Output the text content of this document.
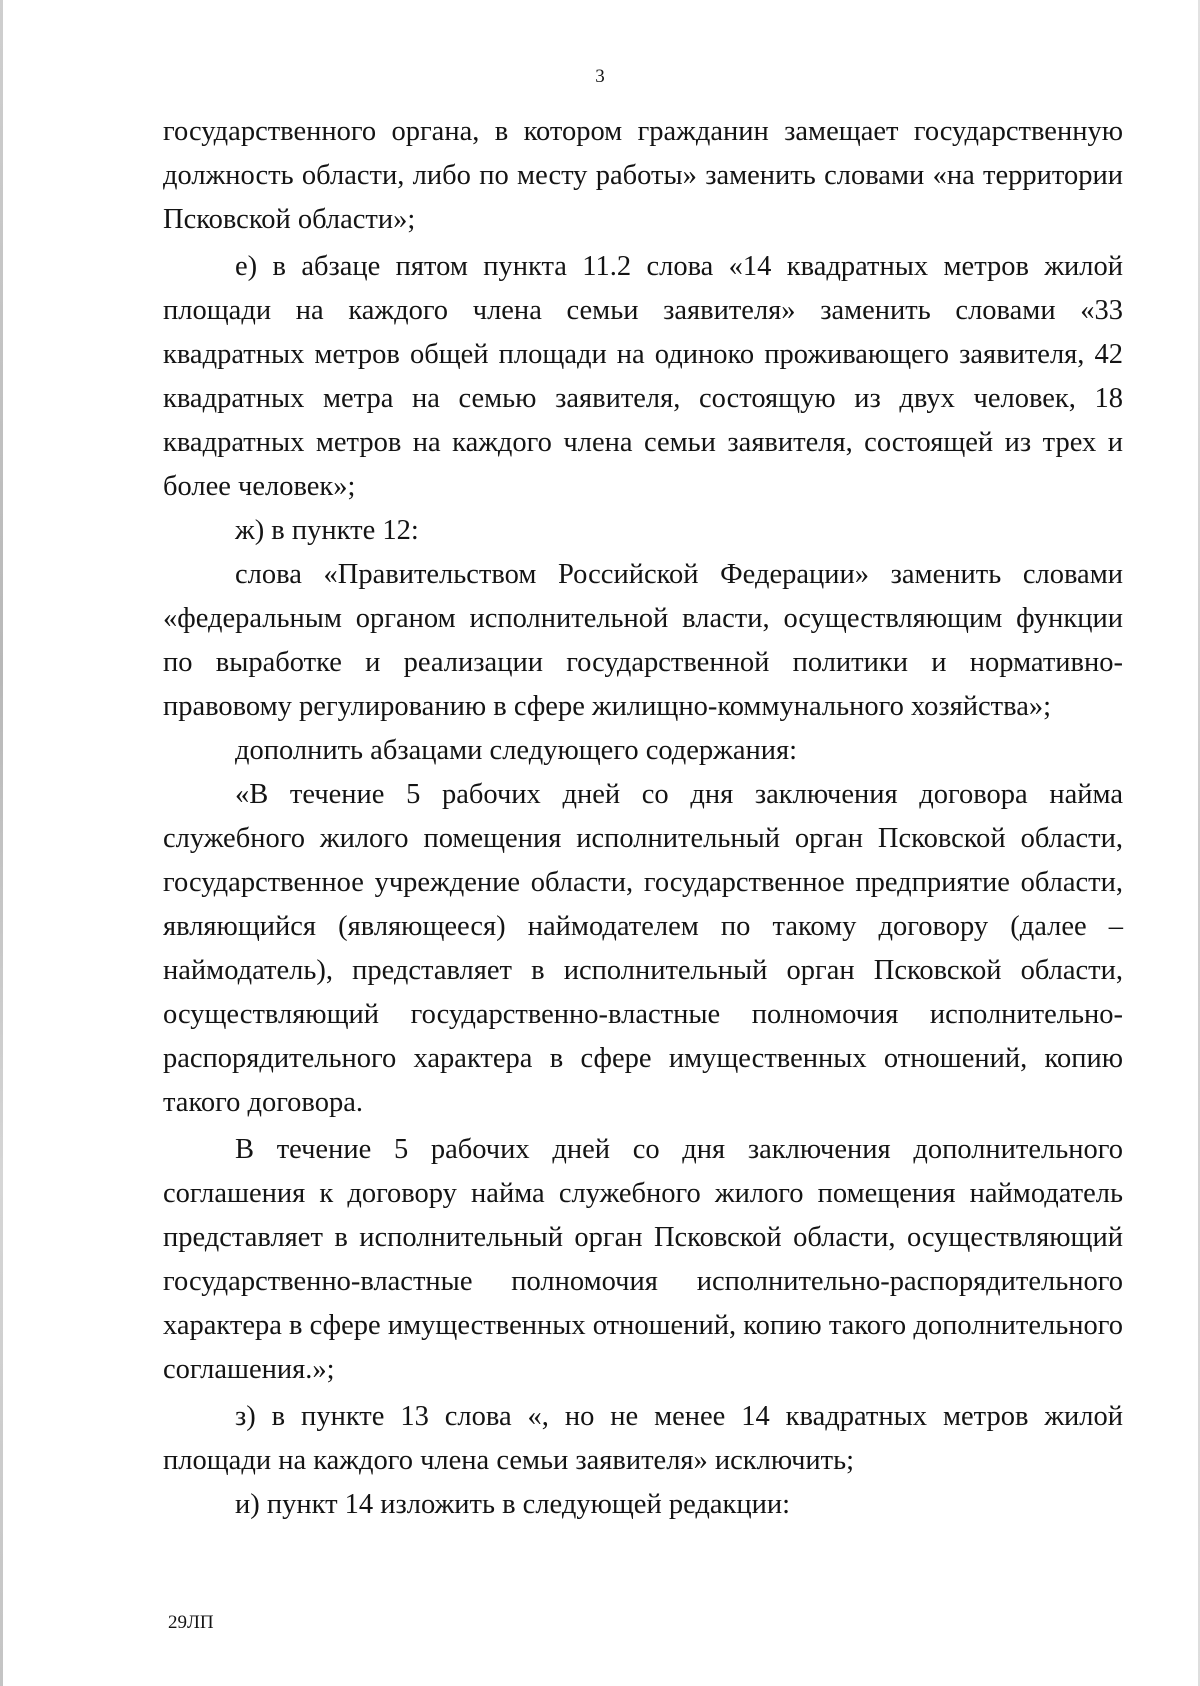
3

государственного органа, в котором гражданин замещает государственную должность области, либо по месту работы» заменить словами «на территории Псковской области»;

е) в абзаце пятом пункта 11.2 слова «14 квадратных метров жилой площади на каждого члена семьи заявителя» заменить словами «33 квадратных метров общей площади на одиноко проживающего заявителя, 42 квадратных метра на семью заявителя, состоящую из двух человек, 18 квадратных метров на каждого члена семьи заявителя, состоящей из трех и более человек»;

ж) в пункте 12:

слова «Правительством Российской Федерации» заменить словами «федеральным органом исполнительной власти, осуществляющим функции по выработке и реализации государственной политики и нормативно-правовому регулированию в сфере жилищно-коммунального хозяйства»;

дополнить абзацами следующего содержания:

«В течение 5 рабочих дней со дня заключения договора найма служебного жилого помещения исполнительный орган Псковской области, государственное учреждение области, государственное предприятие области, являющийся (являющееся) наймодателем по такому договору (далее – наймодатель), представляет в исполнительный орган Псковской области, осуществляющий государственно-властные полномочия исполнительно-распорядительного характера в сфере имущественных отношений, копию такого договора.

В течение 5 рабочих дней со дня заключения дополнительного соглашения к договору найма служебного жилого помещения наймодатель представляет в исполнительный орган Псковской области, осуществляющий государственно-властные полномочия исполнительно-распорядительного характера в сфере имущественных отношений, копию такого дополнительного соглашения.»;

з) в пункте 13 слова «, но не менее 14 квадратных метров жилой площади на каждого члена семьи заявителя» исключить;

и) пункт 14 изложить в следующей редакции:

29ЛП
